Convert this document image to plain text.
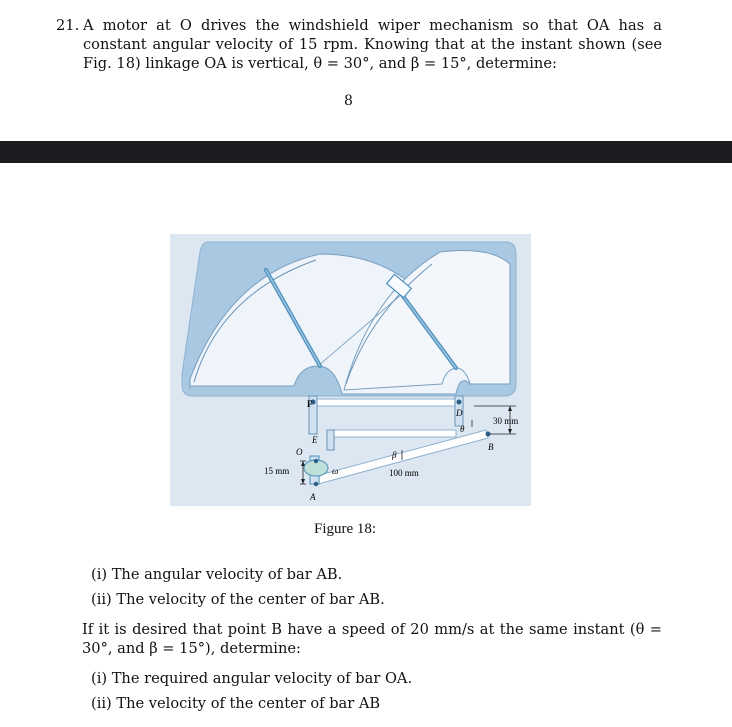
21. A motor at O drives the windshield wiper mechanism so that OA has a constant angular velocity of 15 rpm. Knowing that at the instant shown (see Fig. 18) linkage OA is vertical, θ = 30°, and β = 15°, determine:
8
F
E
O
A
ω
D
θ
B
β
15 mm	100 mm
30 mm
Figure 18:
(i) The angular velocity of bar AB.
(ii) The velocity of the center of bar AB.
If it is desired that point B have a speed of 20 mm/s at the same instant (θ = 30°, and β = 15°), determine:
(i) The required angular velocity of bar OA.
(ii) The velocity of the center of bar AB
